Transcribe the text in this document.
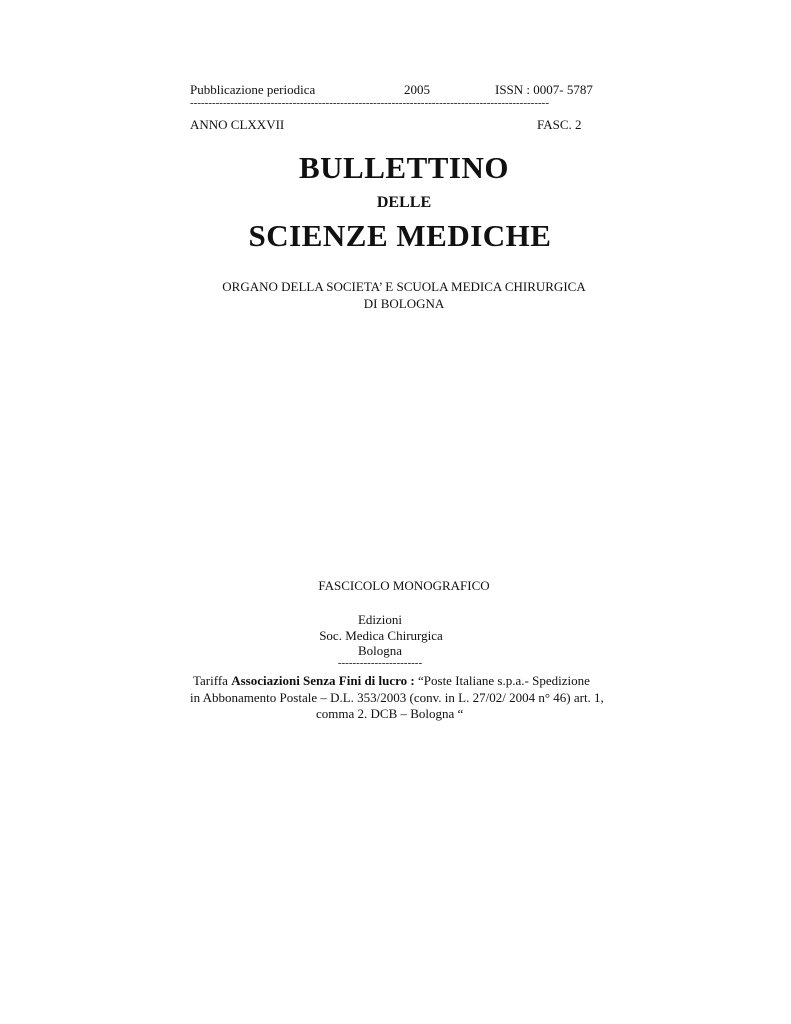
Pubblicazione periodica	2005	ISSN : 0007- 5787
--------------------------------------------------------------------------------------------------
ANNO CLXXVII	FASC. 2
BULLETTINO
DELLE
SCIENZE MEDICHE
ORGANO DELLA SOCIETA’ E SCUOLA MEDICA CHIRURGICA
DI BOLOGNA
FASCICOLO MONOGRAFICO
Edizioni
Soc. Medica Chirurgica
Bologna
-----------------------
Tariffa Associazioni Senza Fini di lucro : “Poste Italiane s.p.a.- Spedizione
in Abbonamento Postale – D.L. 353/2003 (conv. in L. 27/02/ 2004 n° 46) art. 1,
comma 2. DCB – Bologna “
